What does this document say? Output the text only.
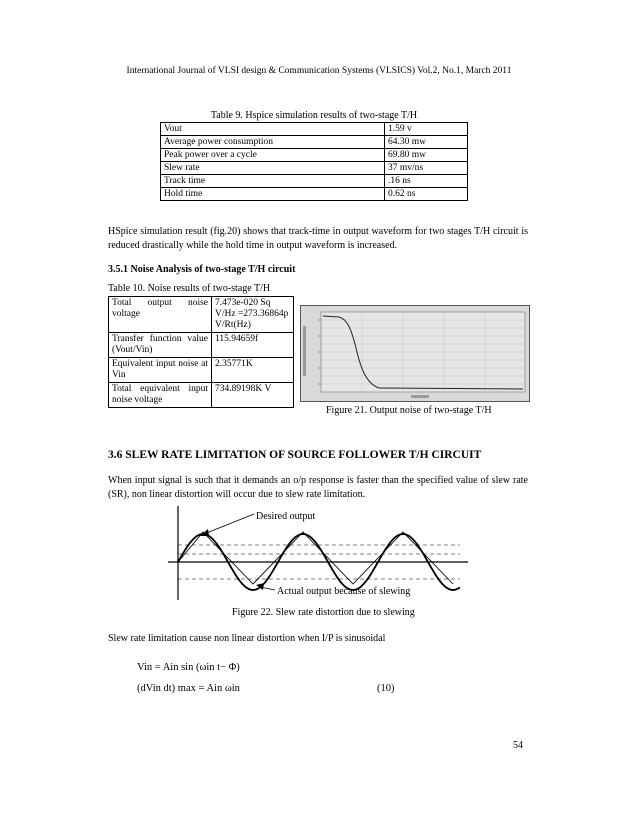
International Journal of VLSI design & Communication Systems (VLSICS) Vol.2, No.1, March 2011
Table 9. Hspice simulation results of two-stage T/H
Vout	1.59 v
Average power consumption	64.30 mw
Peak power over a cycle	69.80 mw
Slew rate	37 mv/ns
Track time	.16 ns
Hold time	0.62 ns
HSpice simulation result (fig.20) shows that track-time in output waveform for two stages T/H circuit is reduced drastically while the hold time in output waveform is increased.
3.5.1 Noise Analysis of two-stage T/H circuit
Table 10. Noise results of two-stage T/H
Total output noise voltage	7.473e-020 Sq V/Hz =273.36864p V/Rt(Hz)
Transfer function value (Vout/Vin)	115.94659f
Equivalent input noise at Vin	2.35771K
Total equivalent input noise voltage	734.89198K V
Figure 21. Output noise of two-stage T/H
3.6 SLEW RATE LIMITATION OF SOURCE FOLLOWER T/H CIRCUIT
When input signal is such that it demands an o/p response is faster than the specified value of slew rate (SR), non linear distortion will occur due to slew rate limitation.
Desired output
Actual output because of slewing
Figure 22. Slew rate distortion due to slewing
Slew rate limitation cause non linear distortion when I/P is sinusoidal
Vin = Ain sin (ωin t− Φ)
(dVin dt) max = Ain ωin	(10)
54
